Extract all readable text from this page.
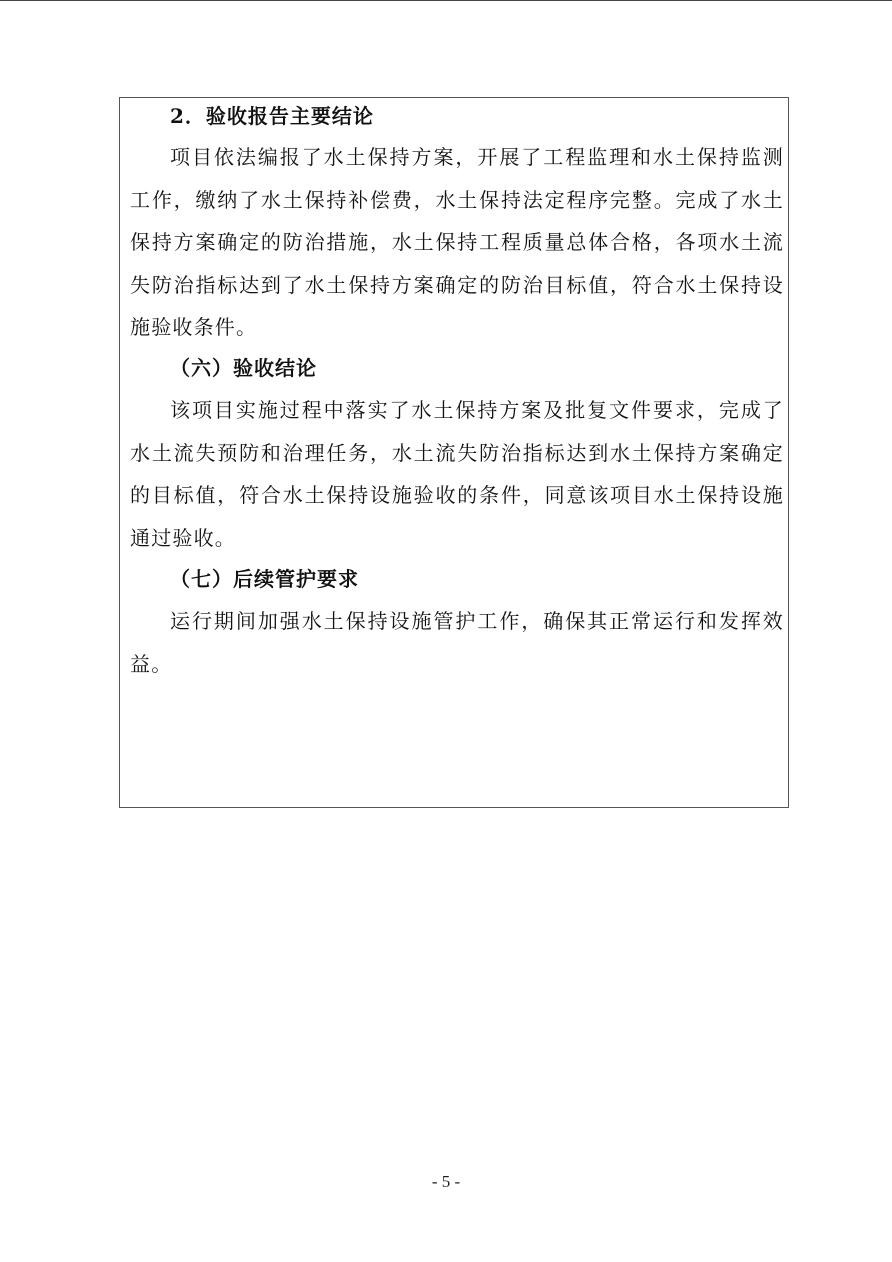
2．验收报告主要结论

项目依法编报了水土保持方案，开展了工程监理和水土保持监测工作，缴纳了水土保持补偿费，水土保持法定程序完整。完成了水土保持方案确定的防治措施，水土保持工程质量总体合格，各项水土流失防治指标达到了水土保持方案确定的防治目标值，符合水土保持设施验收条件。

（六）验收结论

该项目实施过程中落实了水土保持方案及批复文件要求，完成了水土流失预防和治理任务，水土流失防治指标达到水土保持方案确定的目标值，符合水土保持设施验收的条件，同意该项目水土保持设施通过验收。

（七）后续管护要求

运行期间加强水土保持设施管护工作，确保其正常运行和发挥效益。

- 5 -
